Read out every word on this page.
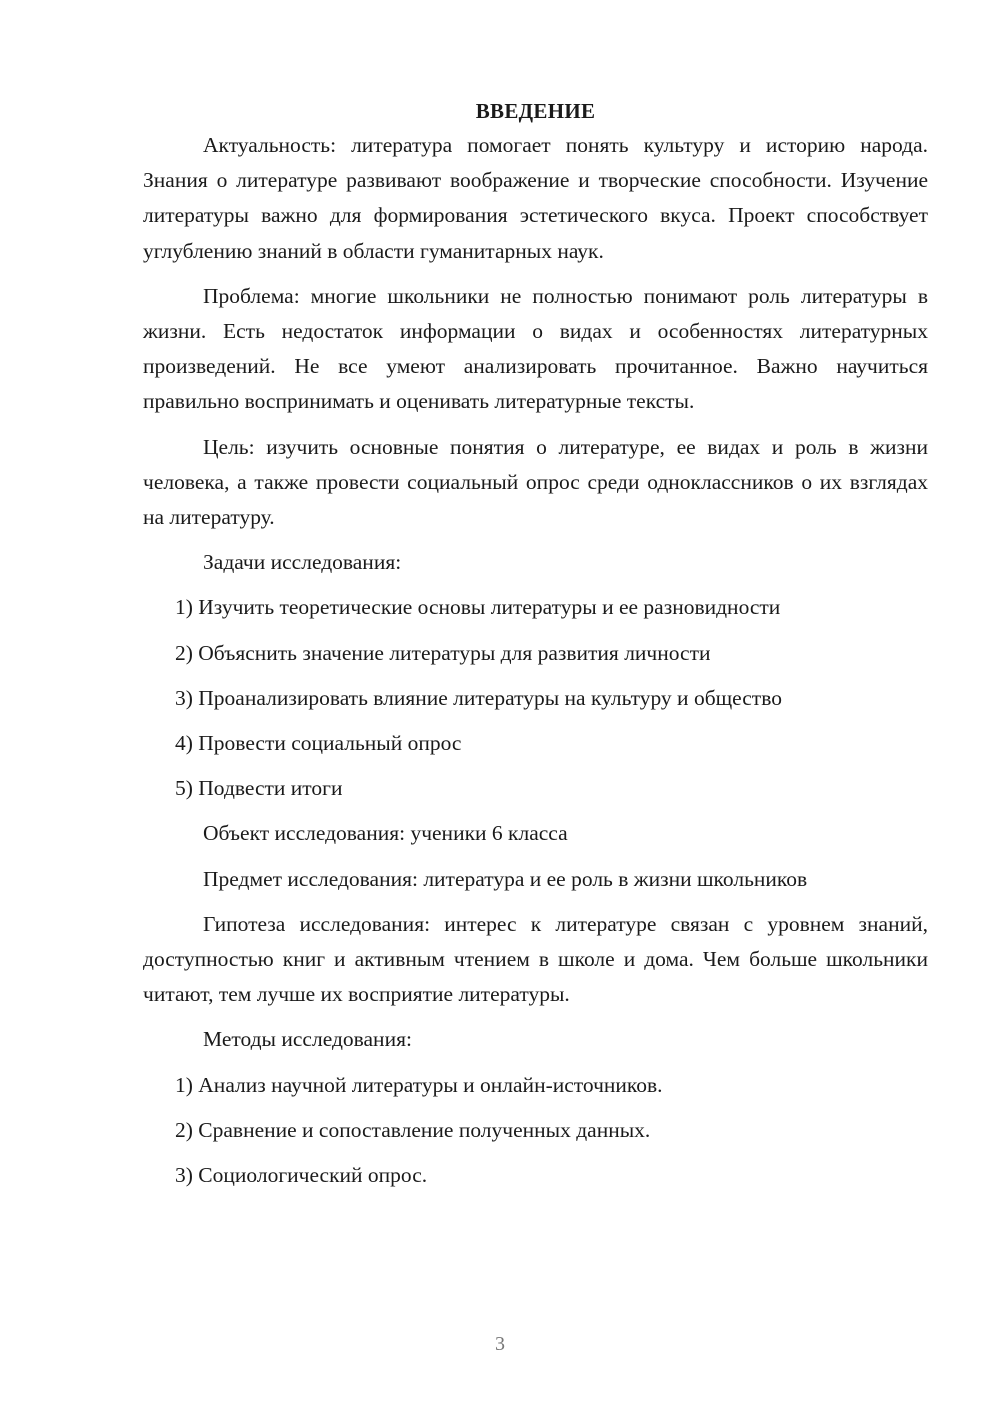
ВВЕДЕНИЕ
Актуальность: литература помогает понять культуру и историю народа. Знания о литературе развивают воображение и творческие способности. Изучение литературы важно для формирования эстетического вкуса. Проект способствует углублению знаний в области гуманитарных наук.
Проблема: многие школьники не полностью понимают роль литературы в жизни. Есть недостаток информации о видах и особенностях литературных произведений. Не все умеют анализировать прочитанное. Важно научиться правильно воспринимать и оценивать литературные тексты.
Цель: изучить основные понятия о литературе, ее видах и роль в жизни человека, а также провести социальный опрос среди одноклассников о их взглядах на литературу.
Задачи исследования:
1) Изучить теоретические основы литературы и ее разновидности
2) Объяснить значение литературы для развития личности
3) Проанализировать влияние литературы на культуру и общество
4) Провести социальный опрос
5) Подвести итоги
Объект исследования: ученики 6 класса
Предмет исследования: литература и ее роль в жизни школьников
Гипотеза исследования: интерес к литературе связан с уровнем знаний, доступностью книг и активным чтением в школе и дома. Чем больше школьники читают, тем лучше их восприятие литературы.
Методы исследования:
1) Анализ научной литературы и онлайн-источников.
2) Сравнение и сопоставление полученных данных.
3) Социологический опрос.
3
